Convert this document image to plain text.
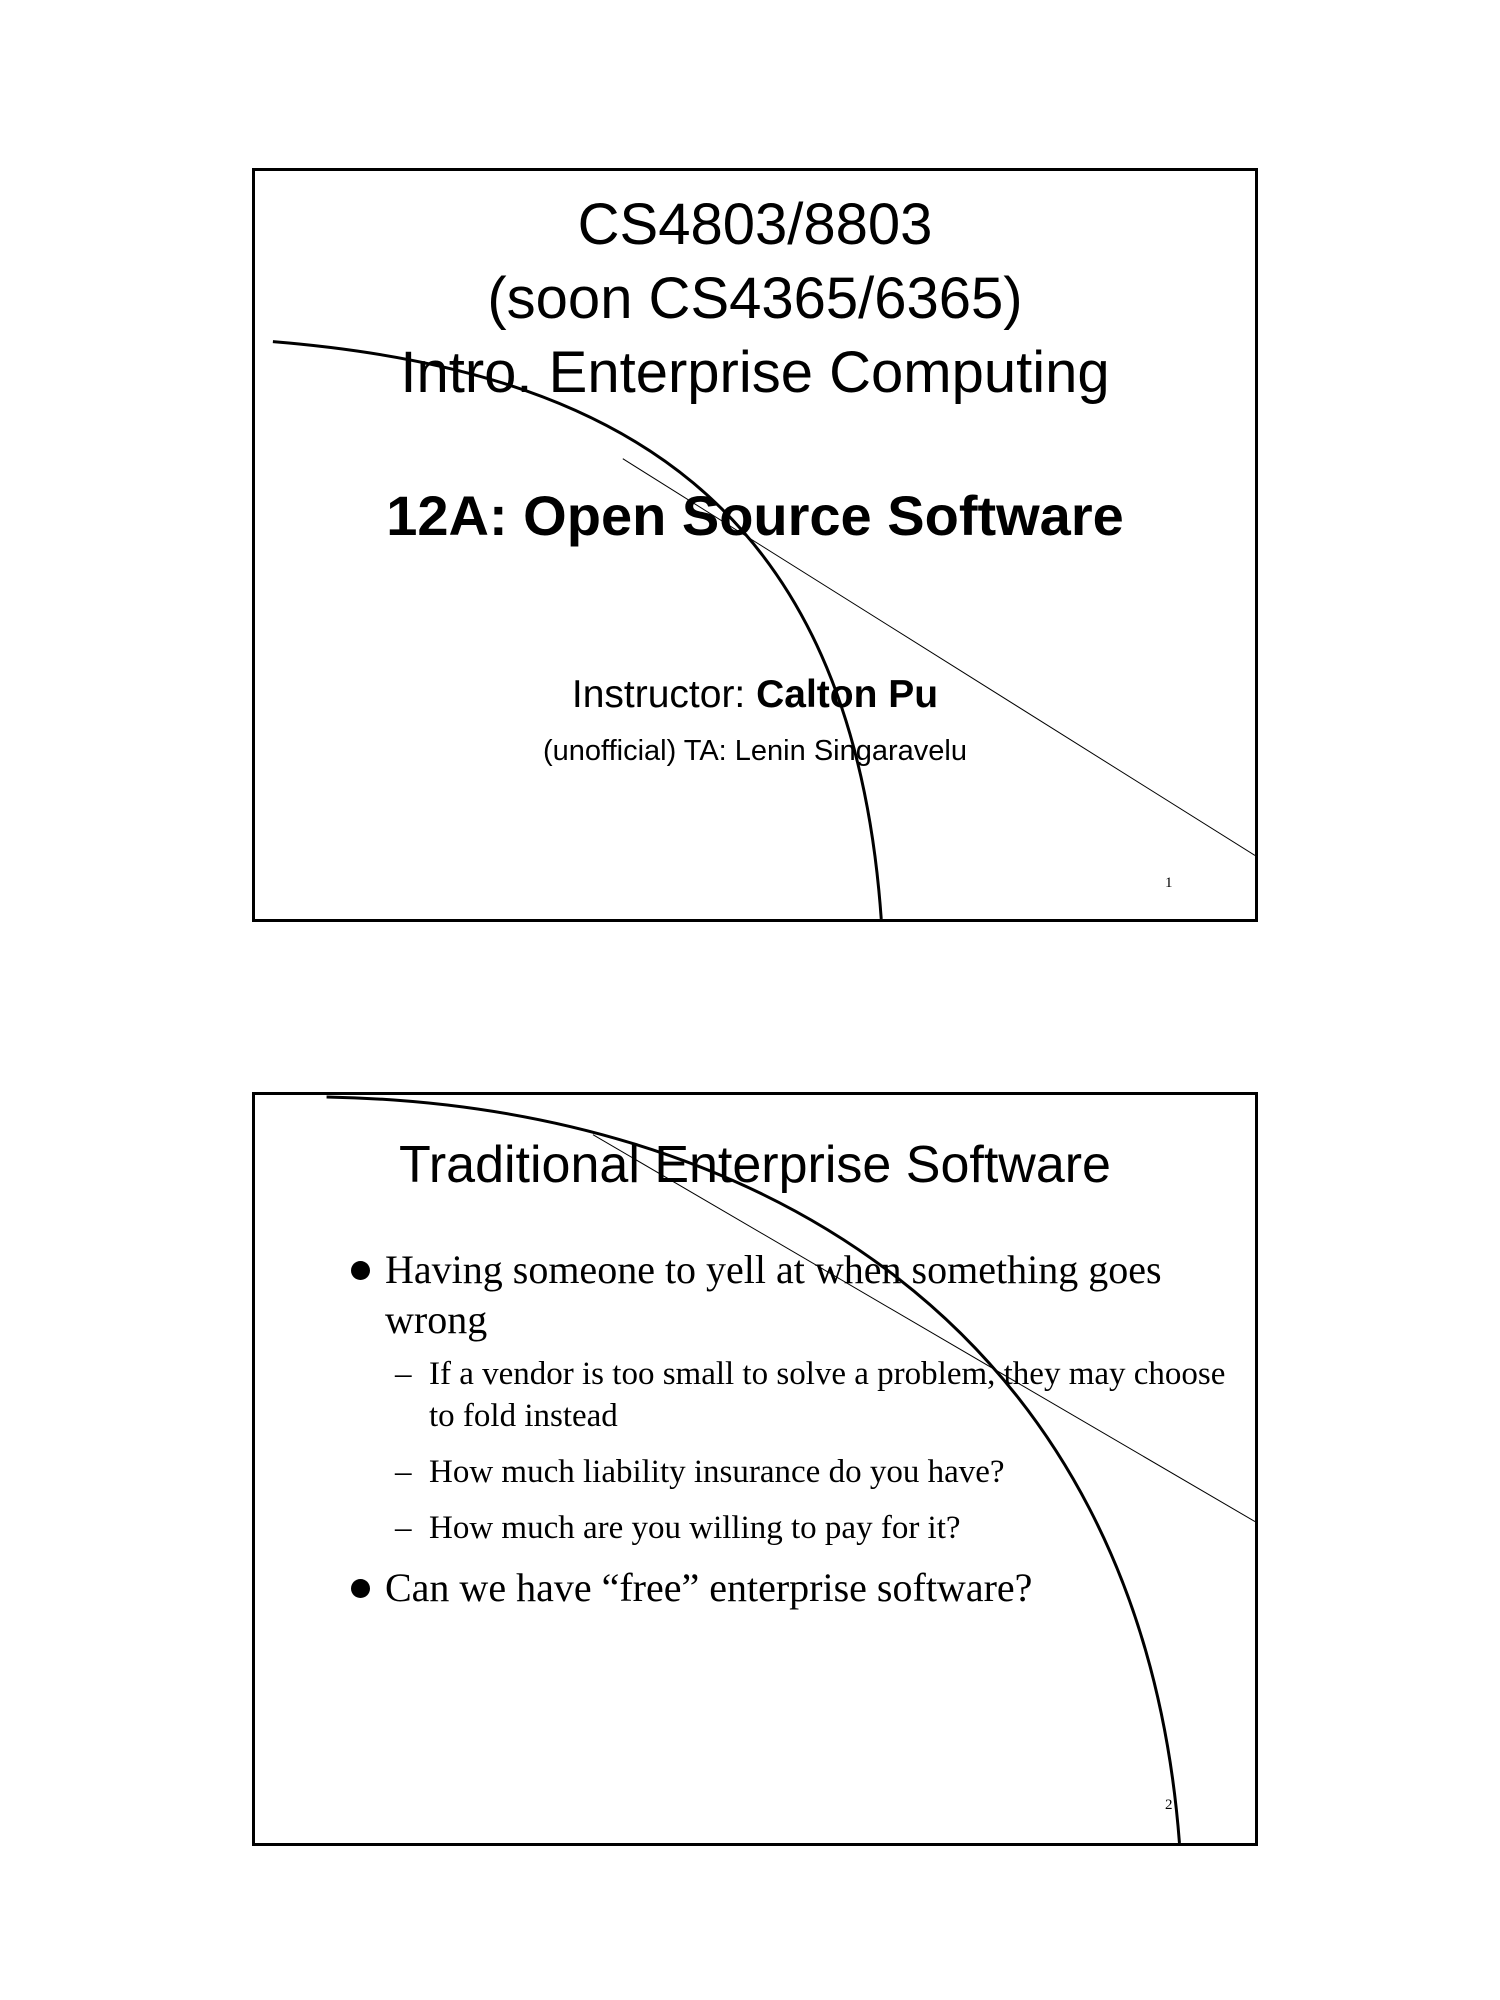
CS4803/8803
(soon CS4365/6365)
Intro. Enterprise Computing
12A: Open Source Software
Instructor: Calton Pu
(unofficial) TA: Lenin Singaravelu
1
Traditional Enterprise Software
Having someone to yell at when something goes wrong
– If a vendor is too small to solve a problem, they may choose to fold instead
– How much liability insurance do you have?
– How much are you willing to pay for it?
Can we have “free” enterprise software?
2
